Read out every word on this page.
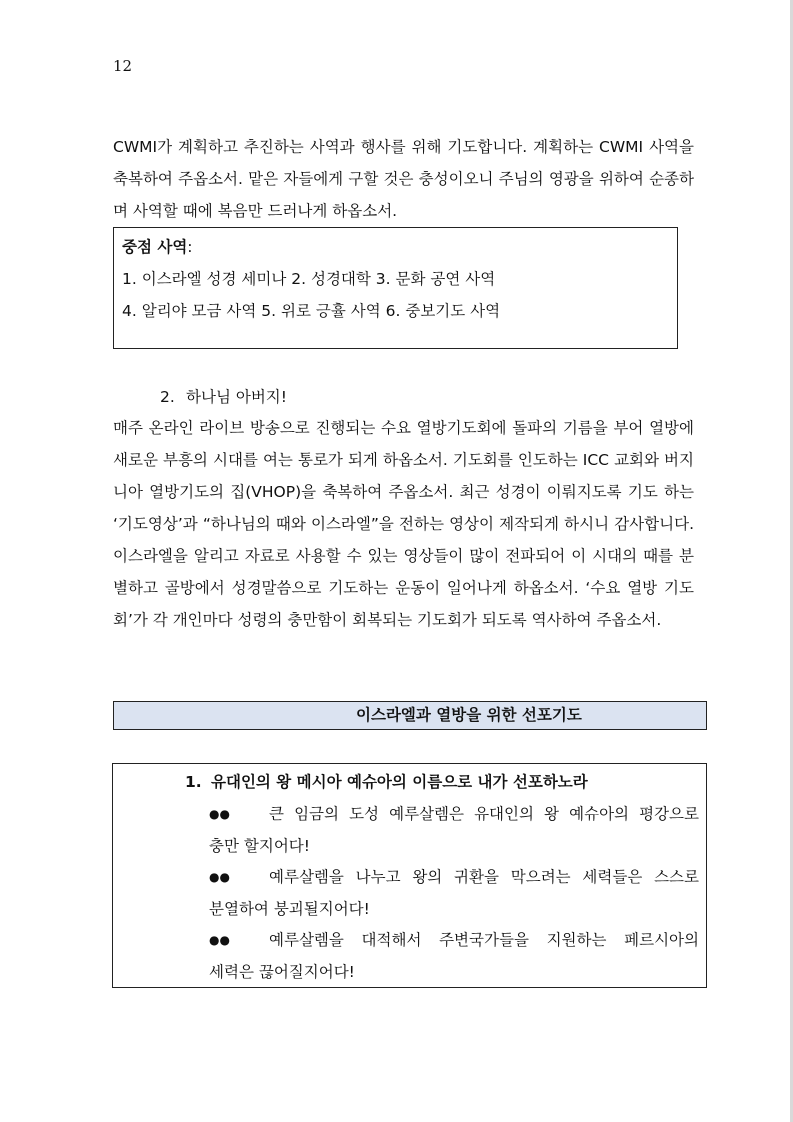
12

CWMI가 계획하고 추진하는 사역과 행사를 위해 기도합니다. 계획하는 CWMI 사역을 축복하여 주옵소서. 맡은 자들에게 구할 것은 충성이오니 주님의 영광을 위하여 순종하며 사역할 때에 복음만 드러나게 하옵소서.

중점 사역:
1. 이스라엘 성경 세미나 2. 성경대학 3. 문화 공연 사역
4. 알리야 모금 사역 5. 위로 긍휼 사역 6. 중보기도 사역
2. 하나님 아버지!

매주 온라인 라이브 방송으로 진행되는 수요 열방기도회에 돌파의 기름을 부어 열방에 새로운 부흥의 시대를 여는 통로가 되게 하옵소서. 기도회를 인도하는 ICC 교회와 버지니아 열방기도의 집(VHOP)을 축복하여 주옵소서. 최근 성경이 이뤄지도록 기도 하는 ‘기도영상’과 “하나님의 때와 이스라엘”을 전하는 영상이 제작되게 하시니 감사합니다. 이스라엘을 알리고 자료로 사용할 수 있는 영상들이 많이 전파되어 이 시대의 때를 분별하고 골방에서 성경말씀으로 기도하는 운동이 일어나게 하옵소서. ‘수요 열방 기도회’가 각 개인마다 성령의 충만함이 회복되는 기도회가 되도록 역사하여 주옵소서.

이스라엘과 열방을 위한 선포기도
1. 유대인의 왕 메시아 예슈아의 이름으로 내가 선포하노라
●●	큰 임금의 도성 예루살렘은 유대인의 왕 예슈아의 평강으로
충만 할지어다!
●●	예루살렘을 나누고 왕의 귀환을 막으려는 세력들은 스스로
분열하여 붕괴될지어다!
●●	예루살렘을 대적해서 주변국가들을 지원하는 페르시아의
세력은 끊어질지어다!
